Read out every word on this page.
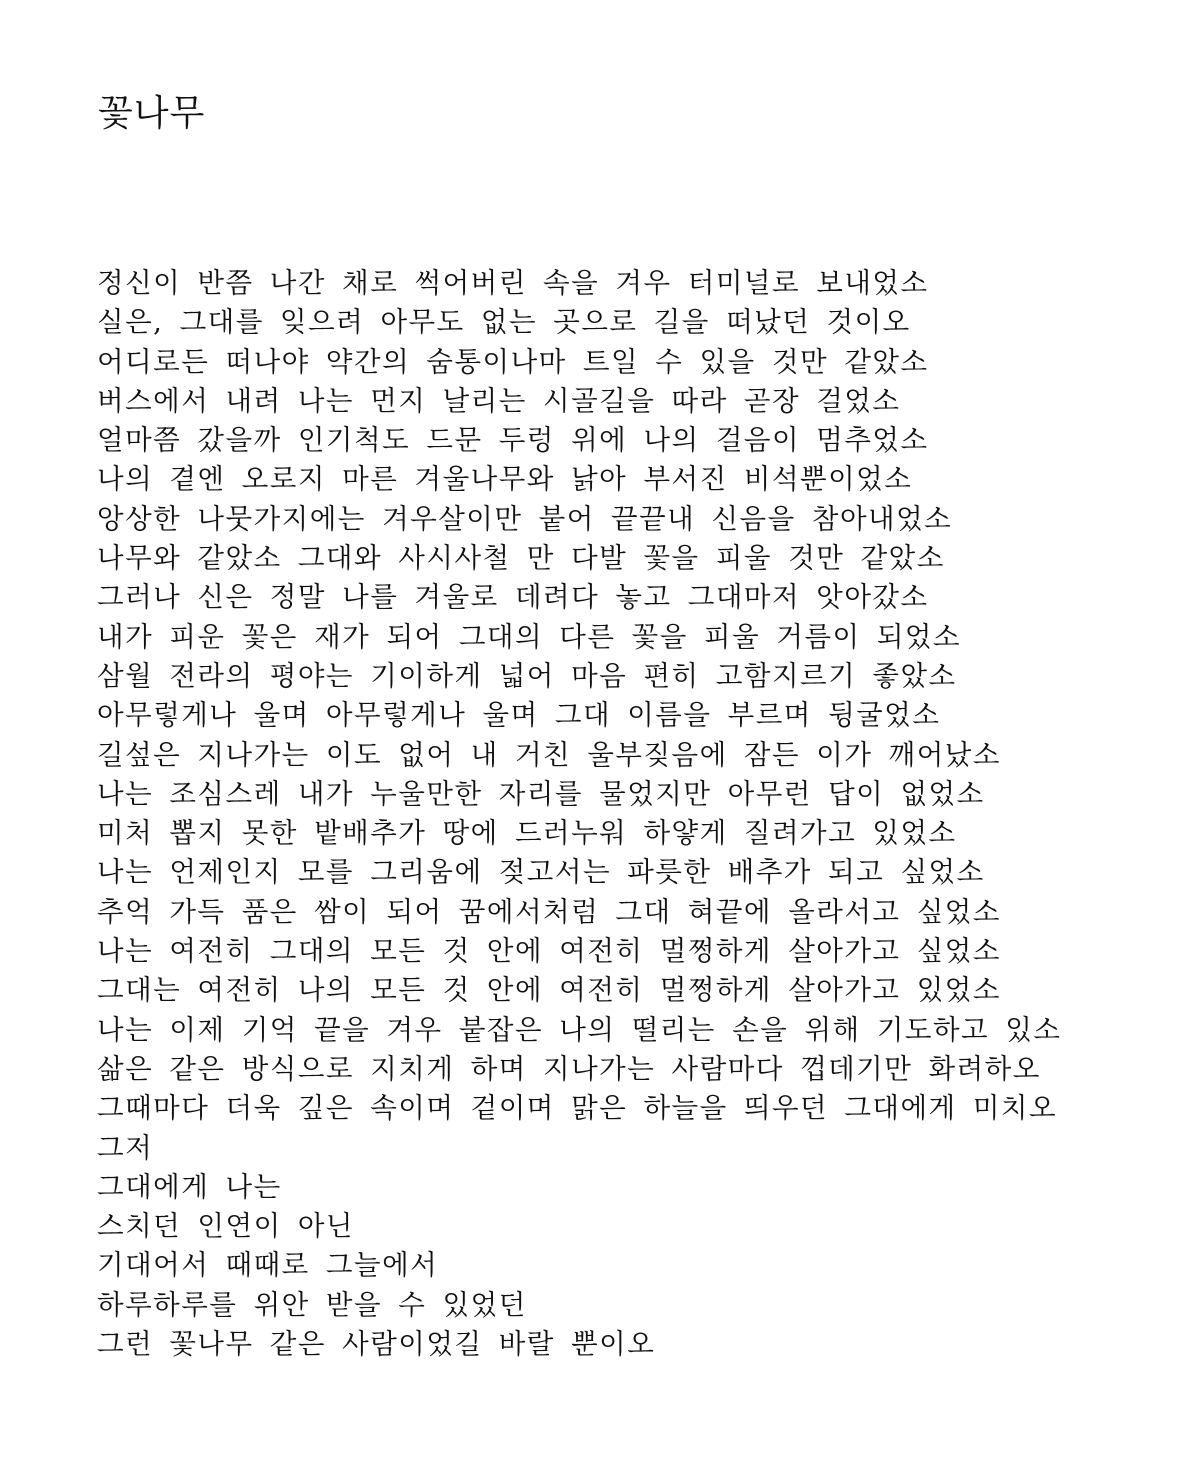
꽃나무
정신이 반쯤 나간 채로 썩어버린 속을 겨우 터미널로 보내었소
실은, 그대를 잊으려 아무도 없는 곳으로 길을 떠났던 것이오
어디로든 떠나야 약간의 숨통이나마 트일 수 있을 것만 같았소
버스에서 내려 나는 먼지 날리는 시골길을 따라 곧장 걸었소
얼마쯤 갔을까 인기척도 드문 두렁 위에 나의 걸음이 멈추었소
나의 곁엔 오로지 마른 겨울나무와 낡아 부서진 비석뿐이었소
앙상한 나뭇가지에는 겨우살이만 붙어 끝끝내 신음을 참아내었소
나무와 같았소 그대와 사시사철 만 다발 꽃을 피울 것만 같았소
그러나 신은 정말 나를 겨울로 데려다 놓고 그대마저 앗아갔소
내가 피운 꽃은 재가 되어 그대의 다른 꽃을 피울 거름이 되었소
삼월 전라의 평야는 기이하게 넓어 마음 편히 고함지르기 좋았소
아무렇게나 울며 아무렇게나 울며 그대 이름을 부르며 뒹굴었소
길섶은 지나가는 이도 없어 내 거친 울부짖음에 잠든 이가 깨어났소
나는 조심스레 내가 누울만한 자리를 물었지만 아무런 답이 없었소
미처 뽑지 못한 밭배추가 땅에 드러누워 하얗게 질려가고 있었소
나는 언제인지 모를 그리움에 젖고서는 파릇한 배추가 되고 싶었소
추억 가득 품은 쌈이 되어 꿈에서처럼 그대 혀끝에 올라서고 싶었소
나는 여전히 그대의 모든 것 안에 여전히 멀쩡하게 살아가고 싶었소
그대는 여전히 나의 모든 것 안에 여전히 멀쩡하게 살아가고 있었소
나는 이제 기억 끝을 겨우 붙잡은 나의 떨리는 손을 위해 기도하고 있소
삶은 같은 방식으로 지치게 하며 지나가는 사람마다 껍데기만 화려하오
그때마다 더욱 깊은 속이며 겉이며 맑은 하늘을 띄우던 그대에게 미치오
그저
그대에게 나는
스치던 인연이 아닌
기대어서 때때로 그늘에서
하루하루를 위안 받을 수 있었던
그런 꽃나무 같은 사람이었길 바랄 뿐이오
